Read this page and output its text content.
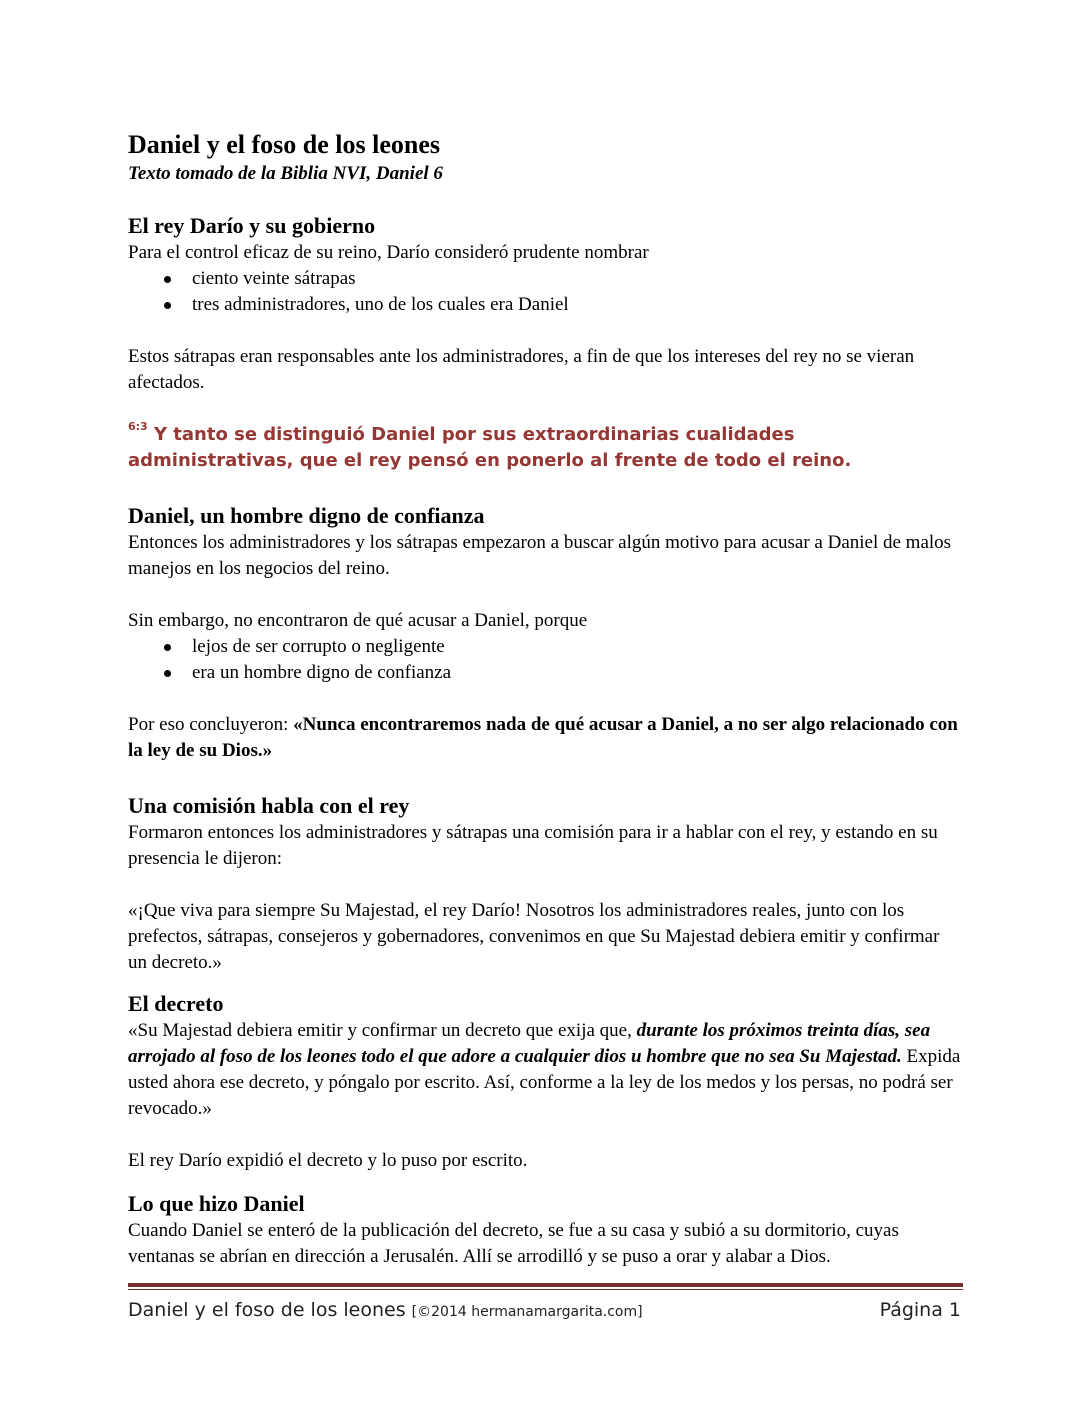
Daniel y el foso de los leones
Texto tomado de la Biblia NVI, Daniel 6
El rey Darío y su gobierno

Para el control eficaz de su reino, Darío consideró prudente nombrar

ciento veinte sátrapas
tres administradores, uno de los cuales era Daniel

Estos sátrapas eran responsables ante los administradores, a fin de que los intereses del rey no se vieran afectados.

$^{6:3}$ Y tanto se distinguió Daniel por sus extraordinarias cualidades administrativas, que el rey pensó en ponerlo al frente de todo el reino.

Daniel, un hombre digno de confianza

Entonces los administradores y los sátrapas empezaron a buscar algún motivo para acusar a Daniel de malos manejos en los negocios del reino.

Sin embargo, no encontraron de qué acusar a Daniel, porque

lejos de ser corrupto o negligente
era un hombre digno de confianza

Por eso concluyeron: «Nunca encontraremos nada de qué acusar a Daniel, a no ser algo relacionado con la ley de su Dios.»

Una comisión habla con el rey

Formaron entonces los administradores y sátrapas una comisión para ir a hablar con el rey, y estando en su presencia le dijeron:

«¡Que viva para siempre Su Majestad, el rey Darío! Nosotros los administradores reales, junto con los prefectos, sátrapas, consejeros y gobernadores, convenimos en que Su Majestad debiera emitir y confirmar un decreto.»

El decreto

«Su Majestad debiera emitir y confirmar un decreto que exija que, durante los próximos treinta días, sea arrojado al foso de los leones todo el que adore a cualquier dios u hombre que no sea Su Majestad. Expida usted ahora ese decreto, y póngalo por escrito. Así, conforme a la ley de los medos y los persas, no podrá ser revocado.»

El rey Darío expidió el decreto y lo puso por escrito.

Lo que hizo Daniel

Cuando Daniel se enteró de la publicación del decreto, se fue a su casa y subió a su dormitorio, cuyas ventanas se abrían en dirección a Jerusalén. Allí se arrodilló y se puso a orar y alabar a Dios.

Daniel y el foso de los leones [©2014 hermanamargarita.com]	Página 1
